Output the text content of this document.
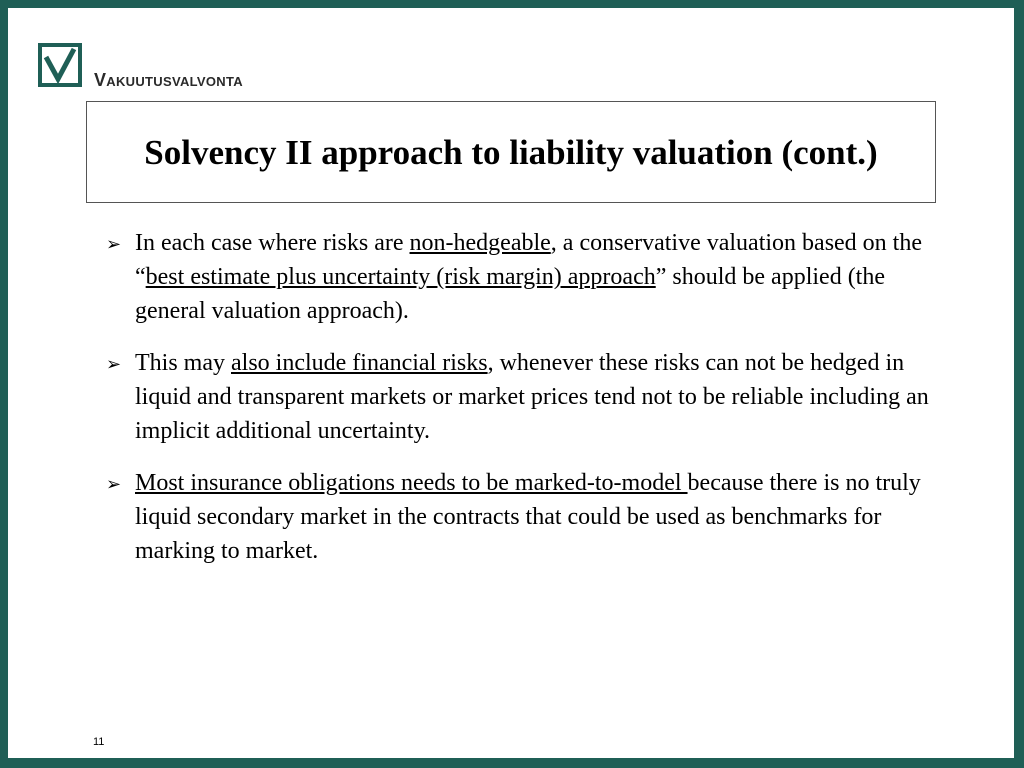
Vakuutusvalvonta
Solvency II approach to liability valuation (cont.)
➢ In each case where risks are non-hedgeable, a conservative valuation based on the “best estimate plus uncertainty (risk margin) approach” should be applied (the general valuation approach).
➢ This may also include financial risks, whenever these risks can not be hedged in liquid and transparent markets or market prices tend not to be reliable including an implicit additional uncertainty.
➢ Most insurance obligations needs to be marked-to-model because there is no truly liquid secondary market in the contracts that could be used as benchmarks for marking to market.
11
